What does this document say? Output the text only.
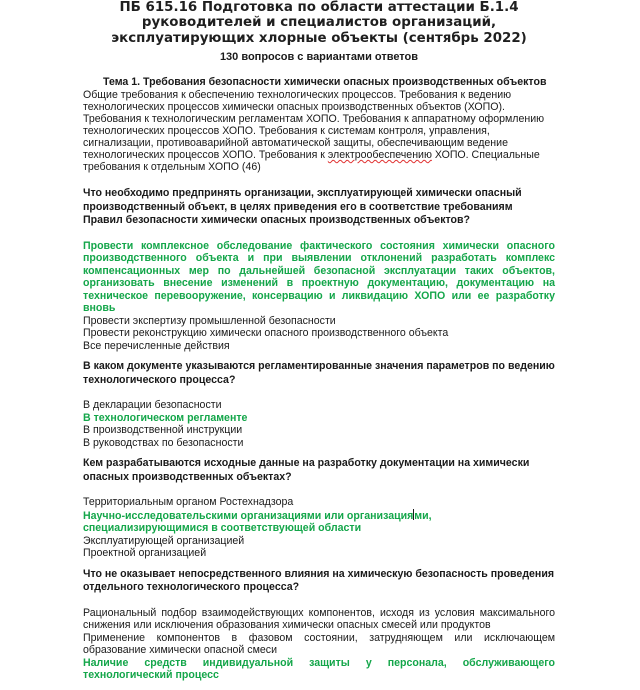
ПБ 615.16 Подготовка по области аттестации Б.1.4 руководителей и специалистов организаций, эксплуатирующих хлорные объекты (сентябрь 2022)

130 вопросов с вариантами ответов

Тема 1. Требования безопасности химически опасных производственных объектов

Общие требования к обеспечению технологических процессов. Требования к ведению технологических процессов химически опасных производственных объектов (ХОПО). Требования к технологическим регламентам ХОПО. Требования к аппаратному оформлению технологических процессов ХОПО. Требования к системам контроля, управления, сигнализации, противоаварийной автоматической защиты, обеспечивающим ведение технологических процессов ХОПО. Требования к электрообеспечению ХОПО. Специальные требования к отдельным ХОПО (46)

Что необходимо предпринять организации, эксплуатирующей химически опасный производственный объект, в целях приведения его в соответствие требованиям Правил безопасности химически опасных производственных объектов?

Провести комплексное обследование фактического состояния химически опасного производственного объекта и при выявлении отклонений разработать комплекс компенсационных мер по дальнейшей безопасной эксплуатации таких объектов, организовать внесение изменений в проектную документацию, документацию на техническое перевооружение, консервацию и ликвидацию ХОПО или ее разработку вновь
Провести экспертизу промышленной безопасности
Провести реконструкцию химически опасного производственного объекта
Все перечисленные действия

В каком документе указываются регламентированные значения параметров по ведению технологического процесса?

В декларации безопасности
В технологическом регламенте
В производственной инструкции
В руководствах по безопасности

Кем разрабатываются исходные данные на разработку документации на химически опасных производственных объектах?

Территориальным органом Ростехнадзора
Научно-исследовательскими организациями или организациями, специализирующимися в соответствующей области
Эксплуатирующей организацией
Проектной организацией

Что не оказывает непосредственного влияния на химическую безопасность проведения отдельного технологического процесса?

Рациональный подбор взаимодействующих компонентов, исходя из условия максимального снижения или исключения образования химически опасных смесей или продуктов
Применение компонентов в фазовом состоянии, затрудняющем или исключающем образование химически опасной смеси
Наличие средств индивидуальной защиты у персонала, обслуживающего технологический процесс
